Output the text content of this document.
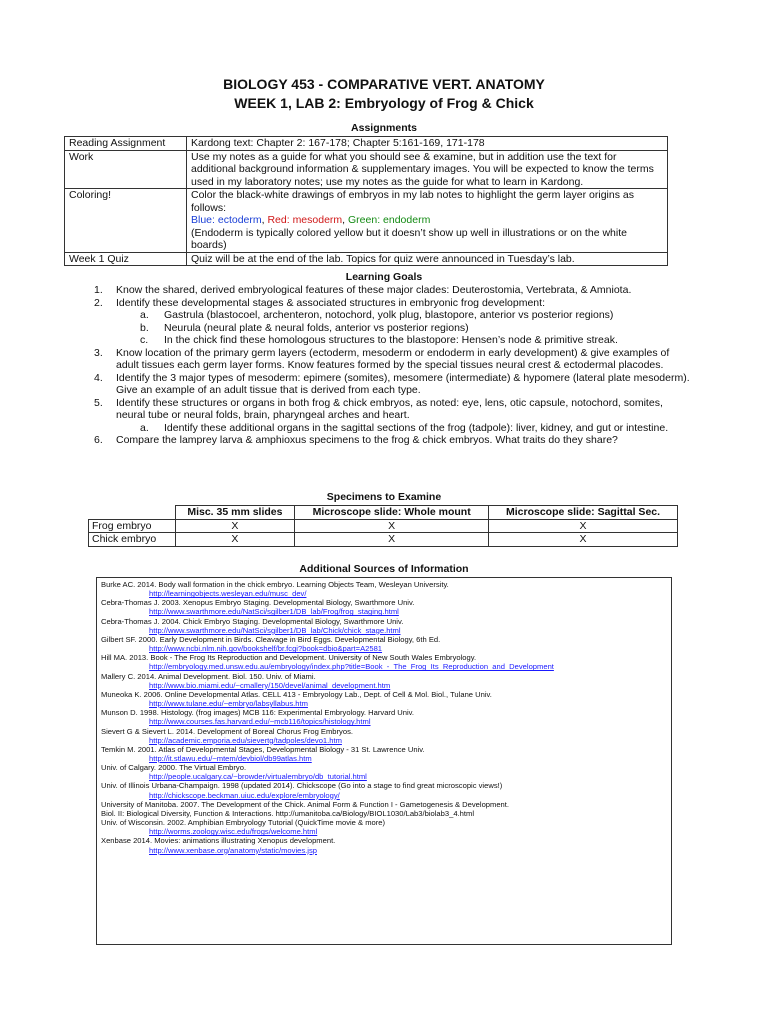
BIOLOGY 453 - COMPARATIVE VERT. ANATOMY
WEEK 1, LAB 2: Embryology of Frog & Chick
Assignments
Reading Assignment	Kardong text: Chapter 2: 167-178; Chapter 5:161-169, 171-178
Work	Use my notes as a guide for what you should see & examine, but in addition use the text for additional background information & supplementary images. You will be expected to know the terms used in my laboratory notes; use my notes as the guide for what to learn in Kardong.
Coloring!	Color the black-white drawings of embryos in my lab notes to highlight the germ layer origins as follows:
Blue: ectoderm, Red: mesoderm, Green: endoderm
(Endoderm is typically colored yellow but it doesn’t show up well in illustrations or on the white boards)

Week 1 Quiz	Quiz will be at the end of the lab. Topics for quiz were announced in Tuesday’s lab.
Learning Goals
1. Know the shared, derived embryological features of these major clades: Deuterostomia, Vertebrata, & Amniota.
2. Identify these developmental stages & associated structures in embryonic frog development:
a.	Gastrula (blastocoel, archenteron, notochord, yolk plug, blastopore, anterior vs posterior regions)
b.	Neurula (neural plate & neural folds, anterior vs posterior regions)
c.	In the chick find these homologous structures to the blastopore: Hensen’s node & primitive streak.
3. Know location of the primary germ layers (ectoderm, mesoderm or endoderm in early development) & give examples of adult tissues each germ layer forms. Know features formed by the special tissues neural crest & ectodermal placodes.
4. Identify the 3 major types of mesoderm: epimere (somites), mesomere (intermediate) & hypomere (lateral plate mesoderm). Give an example of an adult tissue that is derived from each type.
5. Identify these structures or organs in both frog & chick embryos, as noted: eye, lens, otic capsule, notochord, somites, neural tube or neural folds, brain, pharyngeal arches and heart.
a.	Identify these additional organs in the sagittal sections of the frog (tadpole): liver, kidney, and gut or intestine.
6. Compare the lamprey larva & amphioxus specimens to the frog & chick embryos. What traits do they share?
Specimens to Examine
	Misc. 35 mm slides	Microscope slide: Whole mount	Microscope slide: Sagittal Sec.
Frog embryo	X	X	X
Chick embryo	X	X	X
Additional Sources of Information
Burke AC. 2014. Body wall formation in the chick embryo. Learning Objects Team, Wesleyan University.
http://learningobjects.wesleyan.edu/musc_dev/
Cebra-Thomas J. 2003. Xenopus Embryo Staging. Developmental Biology, Swarthmore Univ.
http://www.swarthmore.edu/NatSci/sgilber1/DB_lab/Frog/frog_staging.html
Cebra-Thomas J. 2004. Chick Embryo Staging. Developmental Biology, Swarthmore Univ.
http://www.swarthmore.edu/NatSci/sgilber1/DB_lab/Chick/chick_stage.html
Gilbert SF. 2000. Early Development in Birds. Cleavage in Bird Eggs. Developmental Biology, 6th Ed.
http://www.ncbi.nlm.nih.gov/bookshelf/br.fcgi?book=dbio&part=A2581
Hill MA. 2013. Book - The Frog Its Reproduction and Development. University of New South Wales Embryology.
http://embryology.med.unsw.edu.au/embryology/index.php?title=Book_-_The_Frog_Its_Reproduction_and_Development
Mallery C. 2014. Animal Development. Biol. 150. Univ. of Miami.
http://www.bio.miami.edu/~cmallery/150/devel/animal_development.htm
Muneoka K. 2006. Online Developmental Atlas. CELL 413 - Embryology Lab., Dept. of Cell & Mol. Biol., Tulane Univ.
http://www.tulane.edu/~embryo/labsyllabus.htm
Munson D. 1998. Histology. (frog images) MCB 116: Experimental Embryology. Harvard Univ.
http://www.courses.fas.harvard.edu/~mcb116/topics/histology.html
Sievert G & Sievert L. 2014. Development of Boreal Chorus Frog Embryos.
http://academic.emporia.edu/sievertg/tadpoles/devo1.htm
Temkin M. 2001. Atlas of Developmental Stages, Developmental Biology - 31 St. Lawrence Univ.
http://it.stlawu.edu/~mtem/devbiol/db99atlas.htm
Univ. of Calgary. 2000. The Virtual Embryo.
http://people.ucalgary.ca/~browder/virtualembryo/db_tutorial.html
Univ. of Illinois Urbana-Champaign. 1998 (updated 2014). Chickscope (Go into a stage to find great microscopic views!)
http://chickscope.beckman.uiuc.edu/explore/embryology/
University of Manitoba. 2007. The Development of the Chick. Animal Form & Function I - Gametogenesis & Development.
Biol. II: Biological Diversity, Function & Interactions. http://umanitoba.ca/Biology/BIOL1030/Lab3/biolab3_4.html
Univ. of Wisconsin. 2002. Amphibian Embryology Tutorial (QuickTime movie & more)
http://worms.zoology.wisc.edu/frogs/welcome.html
Xenbase 2014. Movies: animations illustrating Xenopus development.
http://www.xenbase.org/anatomy/static/movies.jsp
